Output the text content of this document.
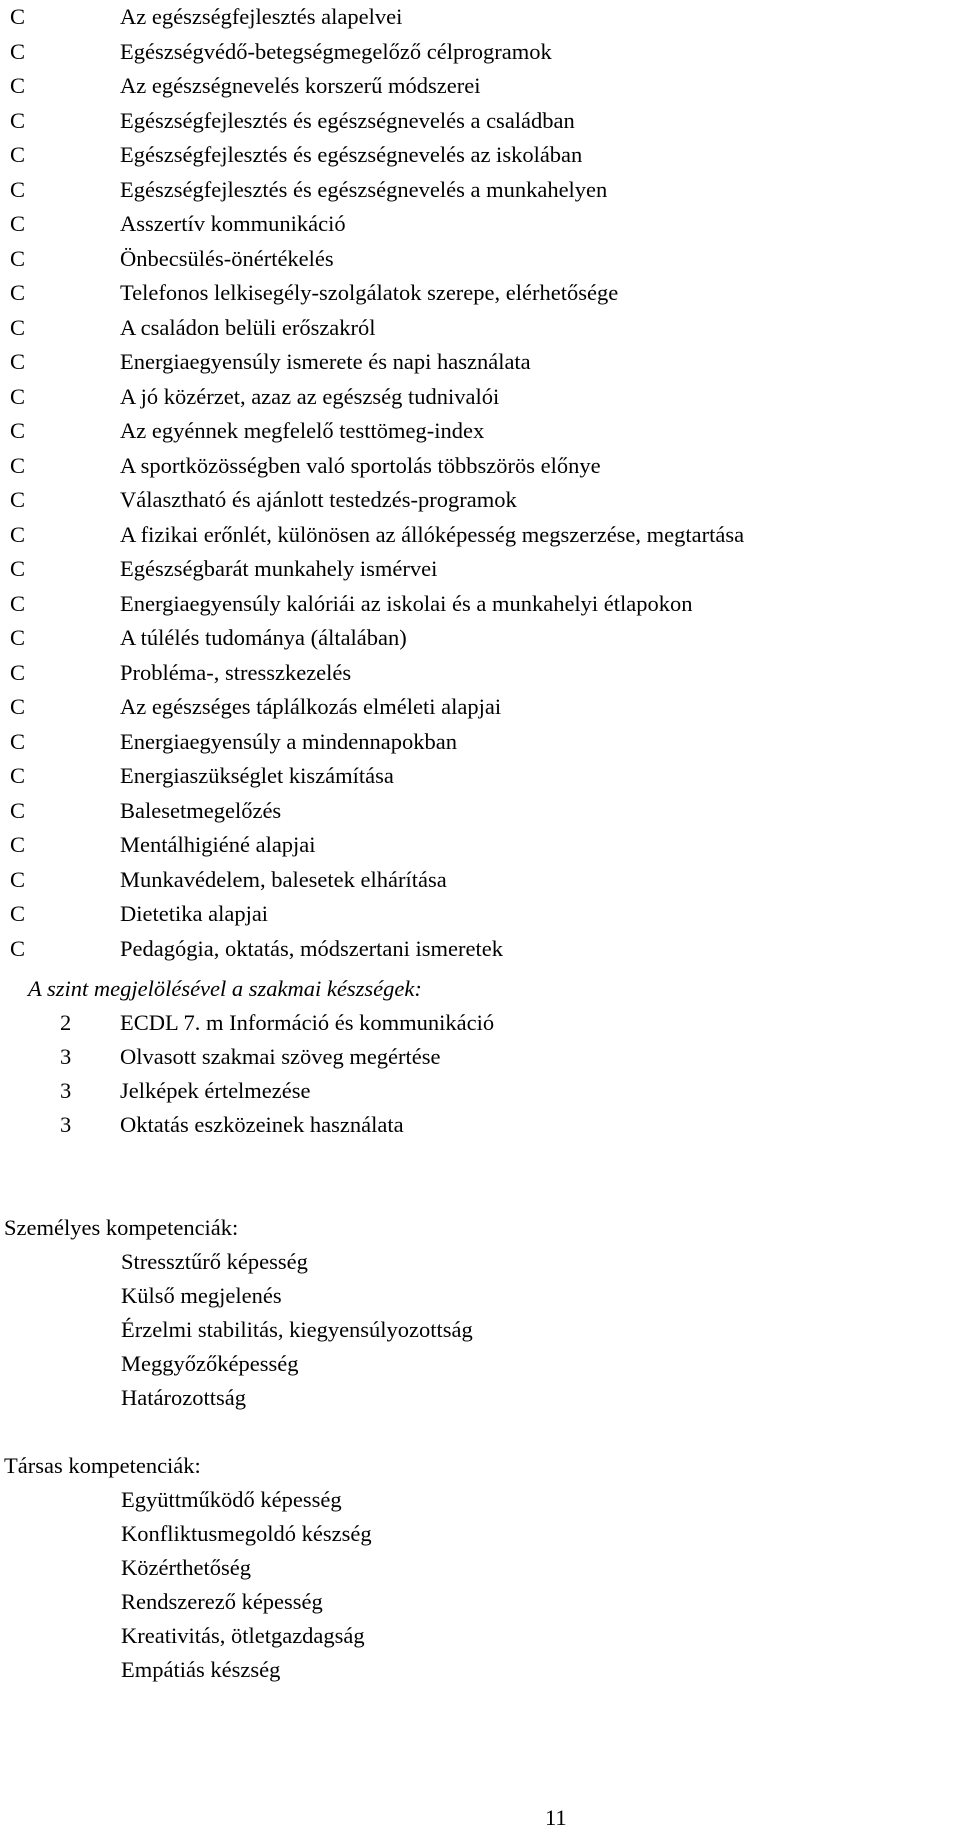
C	Az egészségfejlesztés alapelvei
C	Egészségvédő-betegségmegelőző célprogramok
C	Az egészségnevelés korszerű módszerei
C	Egészségfejlesztés és egészségnevelés a családban
C	Egészségfejlesztés és egészségnevelés az iskolában
C	Egészségfejlesztés és egészségnevelés a munkahelyen
C	Asszertív kommunikáció
C	Önbecsülés-önértékelés
C	Telefonos lelkisegély-szolgálatok szerepe, elérhetősége
C	A családon belüli erőszakról
C	Energiaegyensúly ismerete és napi használata
C	A jó közérzet, azaz az egészség tudnivalói
C	Az egyénnek megfelelő testtömeg-index
C	A sportközösségben való sportolás többszörös előnye
C	Választható és ajánlott testedzés-programok
C	A fizikai erőnlét, különösen az állóképesség megszerzése, megtartása
C	Egészségbarát munkahely ismérvei
C	Energiaegyensúly kalóriái az iskolai és a munkahelyi étlapokon
C	A túlélés tudománya (általában)
C	Probléma-, stresszkezelés
C	Az egészséges táplálkozás elméleti alapjai
C	Energiaegyensúly a mindennapokban
C	Energiaszükséglet kiszámítása
C	Balesetmegelőzés
C	Mentálhigiéné alapjai
C	Munkavédelem, balesetek elhárítása
C	Dietetika alapjai
C	Pedagógia, oktatás, módszertani ismeretek
A szint megjelölésével a szakmai készségek:
2	ECDL 7. m Információ és kommunikáció
3	Olvasott szakmai szöveg megértése
3	Jelképek értelmezése
3	Oktatás eszközeinek használata
Személyes kompetenciák:
Stressztűrő képesség
Külső megjelenés
Érzelmi stabilitás, kiegyensúlyozottság
Meggyőzőképesség
Határozottság
Társas kompetenciák:
Együttműködő képesség
Konfliktusmegoldó készség
Közérthetőség
Rendszerező képesség
Kreativitás, ötletgazdagság
Empátiás készség
11
